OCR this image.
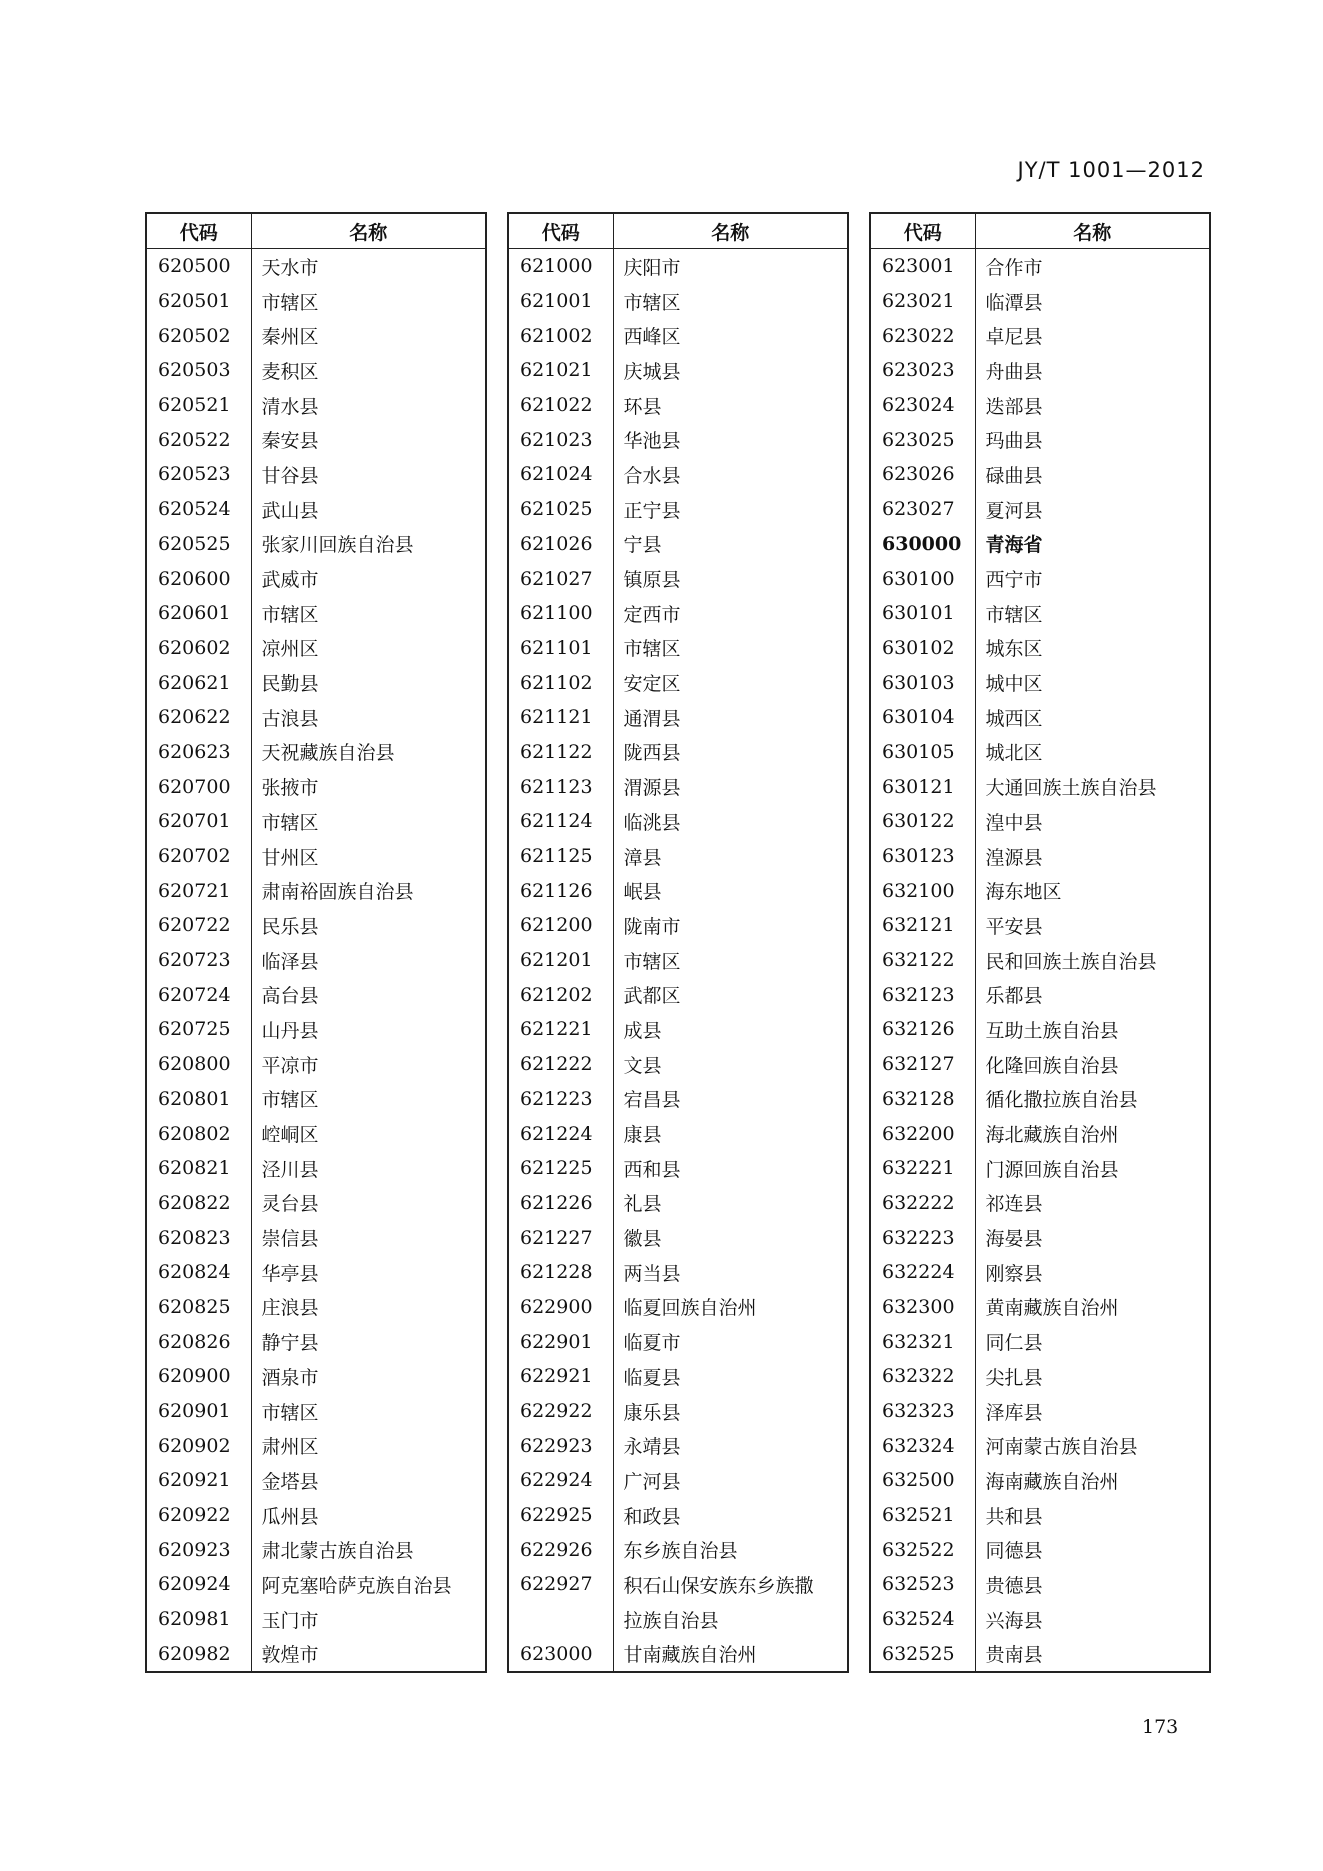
JY/T 1001—2012
代码	名称
620500	天水市
620501	市辖区
620502	秦州区
620503	麦积区
620521	清水县
620522	秦安县
620523	甘谷县
620524	武山县
620525	张家川回族自治县
620600	武威市
620601	市辖区
620602	凉州区
620621	民勤县
620622	古浪县
620623	天祝藏族自治县
620700	张掖市
620701	市辖区
620702	甘州区
620721	肃南裕固族自治县
620722	民乐县
620723	临泽县
620724	高台县
620725	山丹县
620800	平凉市
620801	市辖区
620802	崆峒区
620821	泾川县
620822	灵台县
620823	崇信县
620824	华亭县
620825	庄浪县
620826	静宁县
620900	酒泉市
620901	市辖区
620902	肃州区
620921	金塔县
620922	瓜州县
620923	肃北蒙古族自治县
620924	阿克塞哈萨克族自治县
620981	玉门市
620982	敦煌市
代码	名称
621000	庆阳市
621001	市辖区
621002	西峰区
621021	庆城县
621022	环县
621023	华池县
621024	合水县
621025	正宁县
621026	宁县
621027	镇原县
621100	定西市
621101	市辖区
621102	安定区
621121	通渭县
621122	陇西县
621123	渭源县
621124	临洮县
621125	漳县
621126	岷县
621200	陇南市
621201	市辖区
621202	武都区
621221	成县
621222	文县
621223	宕昌县
621224	康县
621225	西和县
621226	礼县
621227	徽县
621228	两当县
622900	临夏回族自治州
622901	临夏市
622921	临夏县
622922	康乐县
622923	永靖县
622924	广河县
622925	和政县
622926	东乡族自治县
622927	积石山保安族东乡族撒
	拉族自治县
623000	甘南藏族自治州
代码	名称
623001	合作市
623021	临潭县
623022	卓尼县
623023	舟曲县
623024	迭部县
623025	玛曲县
623026	碌曲县
623027	夏河县
630000	青海省
630100	西宁市
630101	市辖区
630102	城东区
630103	城中区
630104	城西区
630105	城北区
630121	大通回族土族自治县
630122	湟中县
630123	湟源县
632100	海东地区
632121	平安县
632122	民和回族土族自治县
632123	乐都县
632126	互助土族自治县
632127	化隆回族自治县
632128	循化撒拉族自治县
632200	海北藏族自治州
632221	门源回族自治县
632222	祁连县
632223	海晏县
632224	刚察县
632300	黄南藏族自治州
632321	同仁县
632322	尖扎县
632323	泽库县
632324	河南蒙古族自治县
632500	海南藏族自治州
632521	共和县
632522	同德县
632523	贵德县
632524	兴海县
632525	贵南县
173
